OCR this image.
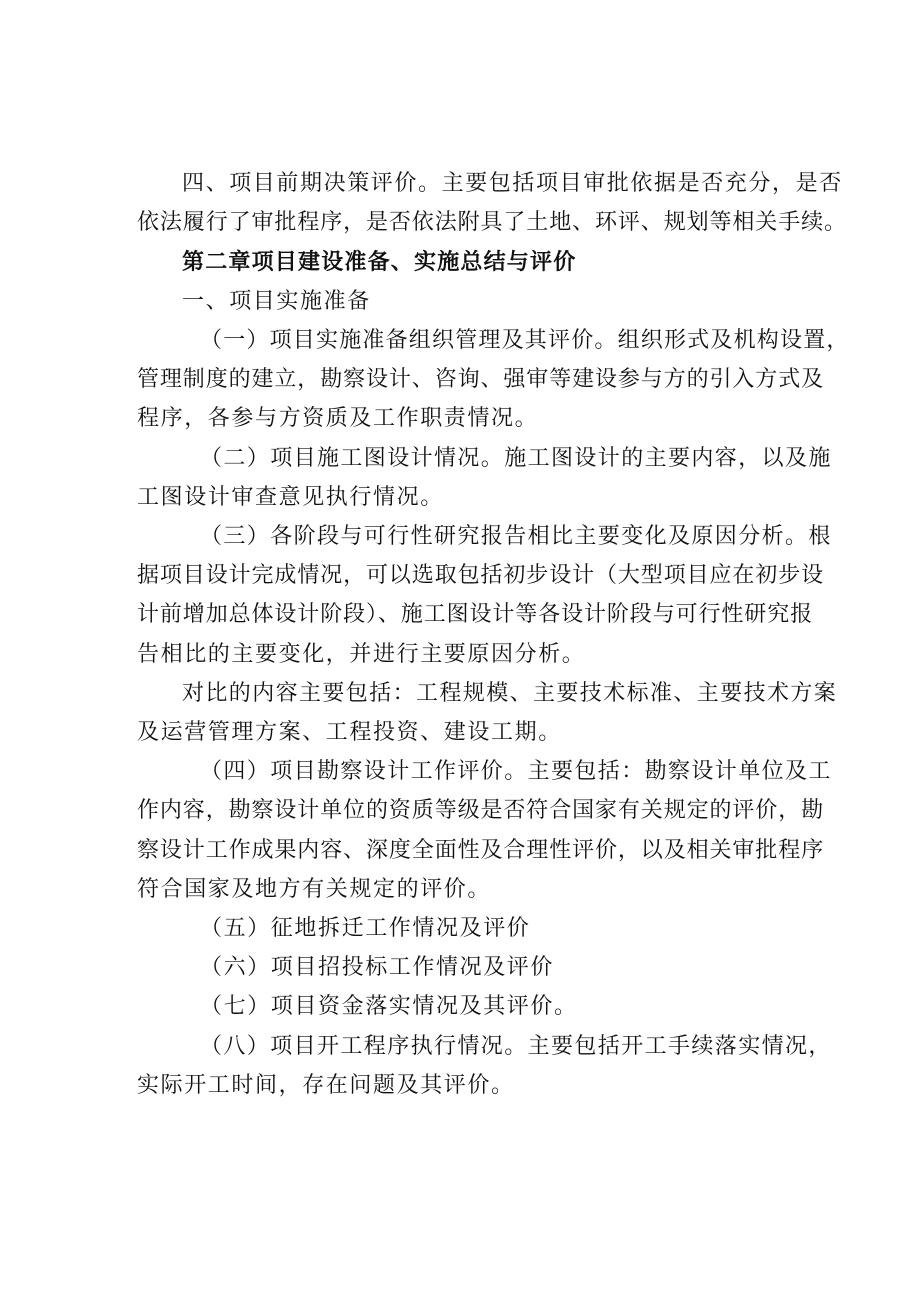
四、项目前期决策评价。主要包括项目审批依据是否充分，是否
依法履行了审批程序，是否依法附具了土地、环评、规划等相关手续。
第二章项目建设准备、实施总结与评价
一、项目实施准备
（一）项目实施准备组织管理及其评价。组织形式及机构设置，
管理制度的建立，勘察设计、咨询、强审等建设参与方的引入方式及
程序，各参与方资质及工作职责情况。
（二）项目施工图设计情况。施工图设计的主要内容，以及施
工图设计审查意见执行情况。
（三）各阶段与可行性研究报告相比主要变化及原因分析。根
据项目设计完成情况，可以选取包括初步设计（大型项目应在初步设
计前增加总体设计阶段）、施工图设计等各设计阶段与可行性研究报
告相比的主要变化，并进行主要原因分析。
对比的内容主要包括：工程规模、主要技术标准、主要技术方案
及运营管理方案、工程投资、建设工期。
（四）项目勘察设计工作评价。主要包括：勘察设计单位及工
作内容，勘察设计单位的资质等级是否符合国家有关规定的评价，勘
察设计工作成果内容、深度全面性及合理性评价，以及相关审批程序
符合国家及地方有关规定的评价。
（五）征地拆迁工作情况及评价
（六）项目招投标工作情况及评价
（七）项目资金落实情况及其评价。
（八）项目开工程序执行情况。主要包括开工手续落实情况，
实际开工时间，存在问题及其评价。
